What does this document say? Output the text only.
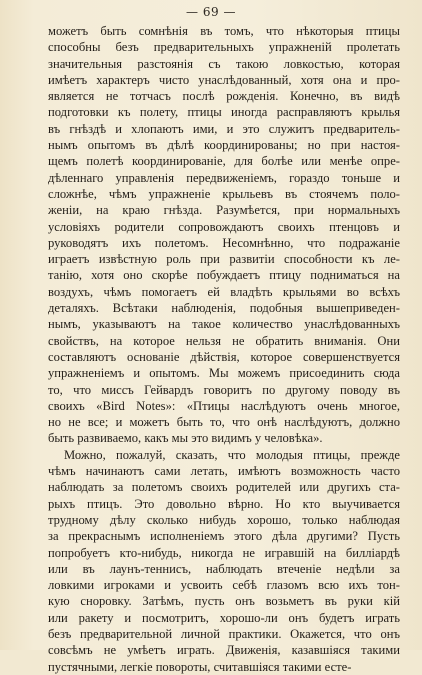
— 69 —
можетъ быть сомнѣнія въ томъ, что нѣкоторыя птицы
способны безъ предварительныхъ упражненій пролетать
значительныя разстоянія съ такою ловкостью, которая
имѣетъ характеръ чисто унаслѣдованный, хотя она и про-
является не тотчасъ послѣ рожденія. Конечно, въ видѣ
подготовки къ полету, птицы иногда расправляютъ крылья
въ гнѣздѣ и хлопаютъ ими, и это служитъ предваритель-
нымъ опытомъ въ дѣлѣ координированы; но при настоя-
щемъ полетѣ координированіе, для болѣе или менѣе опре-
дѣленнаго управленія передвиженіемъ, гораздо тоньше и
сложнѣе, чѣмъ упражненіе крыльевъ въ стоячемъ поло-
женіи, на краю гнѣзда. Разумѣется, при нормальныхъ
условіяхъ родители сопровождаютъ своихъ птенцовъ и
руководятъ ихъ полетомъ. Несомнѣнно, что подражаніе
играетъ извѣстную роль при развитіи способности къ ле-
танію, хотя оно скорѣе побуждаетъ птицу подниматься на
воздухъ, чѣмъ помогаетъ ей владѣть крыльями во всѣхъ
деталяхъ. Всѣтаки наблюденія, подобныя вышеприведен-
нымъ, указываютъ на такое количество унаслѣдованныхъ
свойствъ, на которое нельзя не обратить вниманія. Они
составляютъ основаніе дѣйствія, которое совершенствуется
упражненіемъ и опытомъ. Мы можемъ присоединить сюда
то, что миссъ Гейвардъ говоритъ по другому поводу въ
своихъ «Bird Notes»: «Птицы наслѣдуютъ очень многое,
но не все; и можетъ быть то, что онѣ наслѣдуютъ, должно
быть развиваемо, какъ мы это видимъ у человѣка».
Можно, пожалуй, сказать, что молодыя птицы, прежде
чѣмъ начинаютъ сами летать, имѣютъ возможность часто
наблюдать за полетомъ своихъ родителей или другихъ ста-
рыхъ птицъ. Это довольно вѣрно. Но кто выучивается
трудному дѣлу сколько нибудь хорошо, только наблюдая
за прекраснымъ исполненіемъ этого дѣла другими? Пусть
попробуетъ кто-нибудь, никогда не игравшій на билліардѣ
или въ лаунъ-теннисъ, наблюдать втеченіе недѣли за
ловкими игроками и усвоить себѣ глазомъ всю ихъ тон-
кую сноровку. Затѣмъ, пусть онъ возьметъ въ руки кій
или ракету и посмотритъ, хорошо-ли онъ будетъ играть
безъ предварительной личной практики. Окажется, что онъ
совсѣмъ не умѣетъ играть. Движенія, казавшіяся такими
пустячными, легкіе повороты, считавшіяся такими есте-
